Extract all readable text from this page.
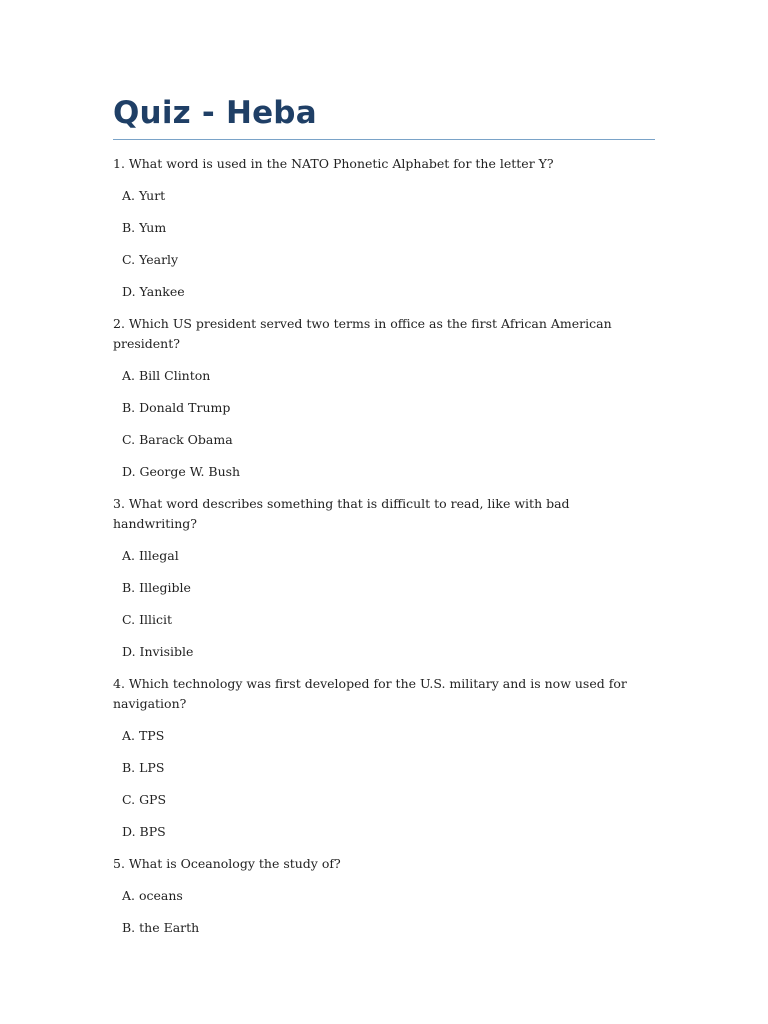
Quiz - Heba

1. What word is used in the NATO Phonetic Alphabet for the letter Y?

A. Yurt

B. Yum

C. Yearly

D. Yankee

2. Which US president served two terms in office as the first African American president?

A. Bill Clinton

B. Donald Trump

C. Barack Obama

D. George W. Bush

3. What word describes something that is difficult to read, like with bad handwriting?

A. Illegal

B. Illegible

C. Illicit

D. Invisible

4. Which technology was first developed for the U.S. military and is now used for navigation?

A. TPS

B. LPS

C. GPS

D. BPS

5. What is Oceanology the study of?

A. oceans

B. the Earth
